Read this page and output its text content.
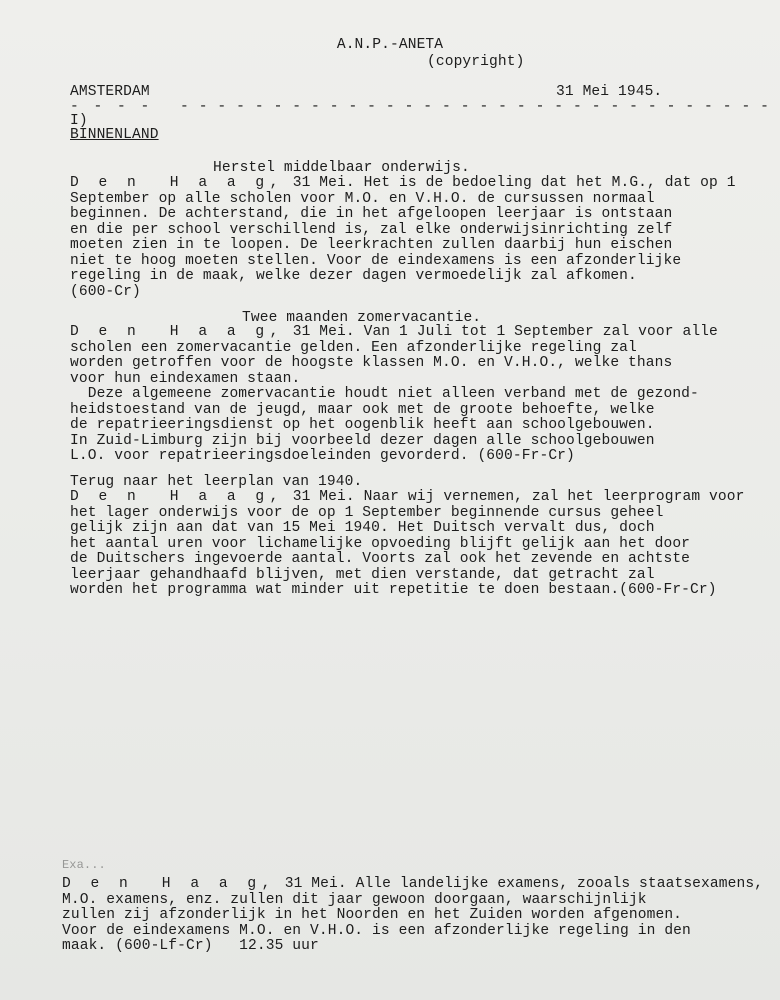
A.N.P.-ANETA
(copyright)
AMSTERDAM	31 Mei 1945.
- - - - - - - - - - - - - - - - - - - - - - - - - - - - - - - - - - - -
I)
BINNENLAND
Herstel middelbaar onderwijs.
D e n  H a a g, 31 Mei. Het is de bedoeling dat het M.G., dat op 1
September op alle scholen voor M.O. en V.H.O. de cursussen normaal
beginnen. De achterstand, die in het afgeloopen leerjaar is ontstaan
en die per school verschillend is, zal elke onderwijsinrichting zelf
moeten zien in te loopen. De leerkrachten zullen daarbij hun eischen
niet te hoog moeten stellen. Voor de eindexamens is een afzonderlijke
regeling in de maak, welke dezer dagen vermoedelijk zal afkomen.
(600-Cr)
Twee maanden zomervacantie.
D e n  H a a g, 31 Mei. Van 1 Juli tot 1 September zal voor alle
scholen een zomervacantie gelden. Een afzonderlijke regeling zal
worden getroffen voor de hoogste klassen M.O. en V.H.O., welke thans
voor hun eindexamen staan.
Deze algemeene zomervacantie houdt niet alleen verband met de gezond-
heidstoestand van de jeugd, maar ook met de groote behoefte, welke
de repatrieeringsdienst op het oogenblik heeft aan schoolgebouwen.
In Zuid-Limburg zijn bij voorbeeld dezer dagen alle schoolgebouwen
L.O. voor repatrieeringsdoeleinden gevorderd. (600-Fr-Cr)
Terug naar het leerplan van 1940.
D e n  H a a g, 31 Mei. Naar wij vernemen, zal het leerprogram voor
het lager onderwijs voor de op 1 September beginnende cursus geheel
gelijk zijn aan dat van 15 Mei 1940. Het Duitsch vervalt dus, doch
het aantal uren voor lichamelijke opvoeding blijft gelijk aan het door
de Duitschers ingevoerde aantal. Voorts zal ook het zevende en achtste
leerjaar gehandhaafd blijven, met dien verstande, dat getracht zal
worden het programma wat minder uit repetitie te doen bestaan.(600-Fr-Cr)
Exa...
D e n  H a a g, 31 Mei. Alle landelijke examens, zooals staatsexamens,
M.O. examens, enz. zullen dit jaar gewoon doorgaan, waarschijnlijk
zullen zij afzonderlijk in het Noorden en het Zuiden worden afgenomen.
Voor de eindexamens M.O. en V.H.O. is een afzonderlijke regeling in den
maak. (600-Lf-Cr)   12.35 uur
